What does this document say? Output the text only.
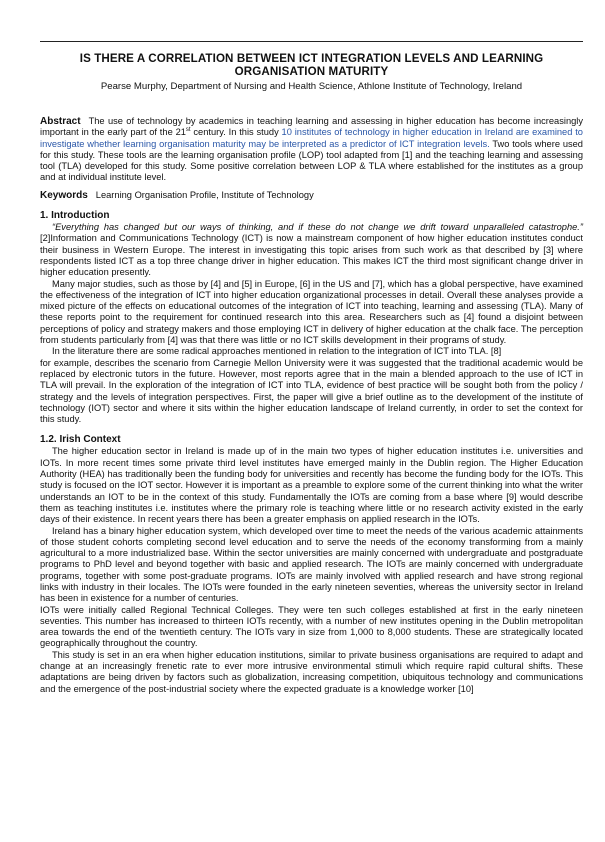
IS THERE A CORRELATION BETWEEN ICT INTEGRATION LEVELS AND LEARNING ORGANISATION MATURITY
Pearse Murphy, Department of Nursing and Health Science, Athlone Institute of Technology, Ireland

Abstract The use of technology by academics in teaching learning and assessing in higher education has become increasingly important in the early part of the 21st century. In this study 10 institutes of technology in higher education in Ireland are examined to investigate whether learning organisation maturity may be interpreted as a predictor of ICT integration levels. Two tools where used for this study. These tools are the learning organisation profile (LOP) tool adapted from [1] and the teaching learning and assessing tool (TLA) developed for this study. Some positive correlation between LOP & TLA where established for the institutes as a group and at individual institute level.

Keywords Learning Organisation Profile, Institute of Technology

1. Introduction

“Everything has changed but our ways of thinking, and if these do not change we drift toward unparalleled catastrophe.” [2]Information and Communications Technology (ICT) is now a mainstream component of how higher education institutes conduct their business in Western Europe. The interest in investigating this topic arises from such work as that described by [3] where respondents listed ICT as a top three change driver in higher education. This makes ICT the third most significant change driver in higher education presently.

Many major studies, such as those by [4] and [5] in Europe, [6] in the US and [7], which has a global perspective, have examined the effectiveness of the integration of ICT into higher education organizational processes in detail. Overall these analyses provide a mixed picture of the effects on educational outcomes of the integration of ICT into teaching, learning and assessing (TLA). Many of these reports point to the requirement for continued research into this area. Researchers such as [4] found a disjoint between perceptions of policy and strategy makers and those employing ICT in delivery of higher education at the chalk face. The perception from students particularly from [4] was that there was little or no ICT skills development in their programs of study.

In the literature there are some radical approaches mentioned in relation to the integration of ICT into TLA. [8]

for example, describes the scenario from Carnegie Mellon University were it was suggested that the traditional academic would be replaced by electronic tutors in the future. However, most reports agree that in the main a blended approach to the use of ICT in TLA will prevail. In the exploration of the integration of ICT into TLA, evidence of best practice will be sought both from the policy / strategy and the levels of integration perspectives. First, the paper will give a brief outline as to the development of the institute of technology (IOT) sector and where it sits within the higher education landscape of Ireland currently, in order to set the context for this study.

1.2. Irish Context

The higher education sector in Ireland is made up of in the main two types of higher education institutes i.e. universities and IOTs. In more recent times some private third level institutes have emerged mainly in the Dublin region. The Higher Education Authority (HEA) has traditionally been the funding body for universities and recently has become the funding body for the IOTs. This study is focused on the IOT sector. However it is important as a preamble to explore some of the current thinking into what the writer understands an IOT to be in the context of this study. Fundamentally the IOTs are coming from a base where [9] would describe them as teaching institutes i.e. institutes where the primary role is teaching where little or no research activity existed in the early days of their existence. In recent years there has been a greater emphasis on applied research in the IOTs.

Ireland has a binary higher education system, which developed over time to meet the needs of the various academic attainments of those student cohorts completing second level education and to serve the needs of the economy transforming from a mainly agricultural to a more industrialized base. Within the sector universities are mainly concerned with undergraduate and postgraduate programs to PhD level and beyond together with basic and applied research. The IOTs are mainly concerned with undergraduate programs, together with some post-graduate programs. IOTs are mainly involved with applied research and have strong regional links with industry in their locales. The IOTs were founded in the early nineteen seventies, whereas the university sector in Ireland has been in existence for a number of centuries.

IOTs were initially called Regional Technical Colleges. They were ten such colleges established at first in the early nineteen seventies. This number has increased to thirteen IOTs recently, with a number of new institutes opening in the Dublin metropolitan area towards the end of the twentieth century. The IOTs vary in size from 1,000 to 8,000 students. These are strategically located geographically throughout the country.

This study is set in an era when higher education institutions, similar to private business organisations are required to adapt and change at an increasingly frenetic rate to ever more intrusive environmental stimuli which require rapid cultural shifts. These adaptations are being driven by factors such as globalization, increasing competition, ubiquitous technology and communications and the emergence of the post-industrial society where the expected graduate is a knowledge worker [10]
